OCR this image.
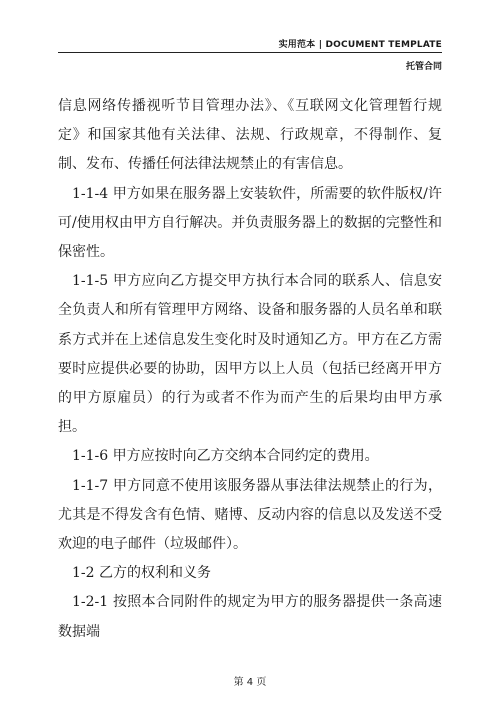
实用范本 | DOCUMENT TEMPLATE
托管合同

信息网络传播视听节目管理办法》、《互联网文化管理暂行规定》和国家其他有关法律、法规、行政规章，不得制作、复制、发布、传播任何法律法规禁止的有害信息。

1-1-4 甲方如果在服务器上安装软件，所需要的软件版权/许可/使用权由甲方自行解决。并负责服务器上的数据的完整性和保密性。

1-1-5 甲方应向乙方提交甲方执行本合同的联系人、信息安全负责人和所有管理甲方网络、设备和服务器的人员名单和联系方式并在上述信息发生变化时及时通知乙方。甲方在乙方需要时应提供必要的协助，因甲方以上人员（包括已经离开甲方的甲方原雇员）的行为或者不作为而产生的后果均由甲方承担。

1-1-6 甲方应按时向乙方交纳本合同约定的费用。

1-1-7 甲方同意不使用该服务器从事法律法规禁止的行为，尤其是不得发含有色情、赌博、反动内容的信息以及发送不受欢迎的电子邮件（垃圾邮件）。

1-2 乙方的权利和义务

1-2-1 按照本合同附件的规定为甲方的服务器提供一条高速数据端

第 4 页
